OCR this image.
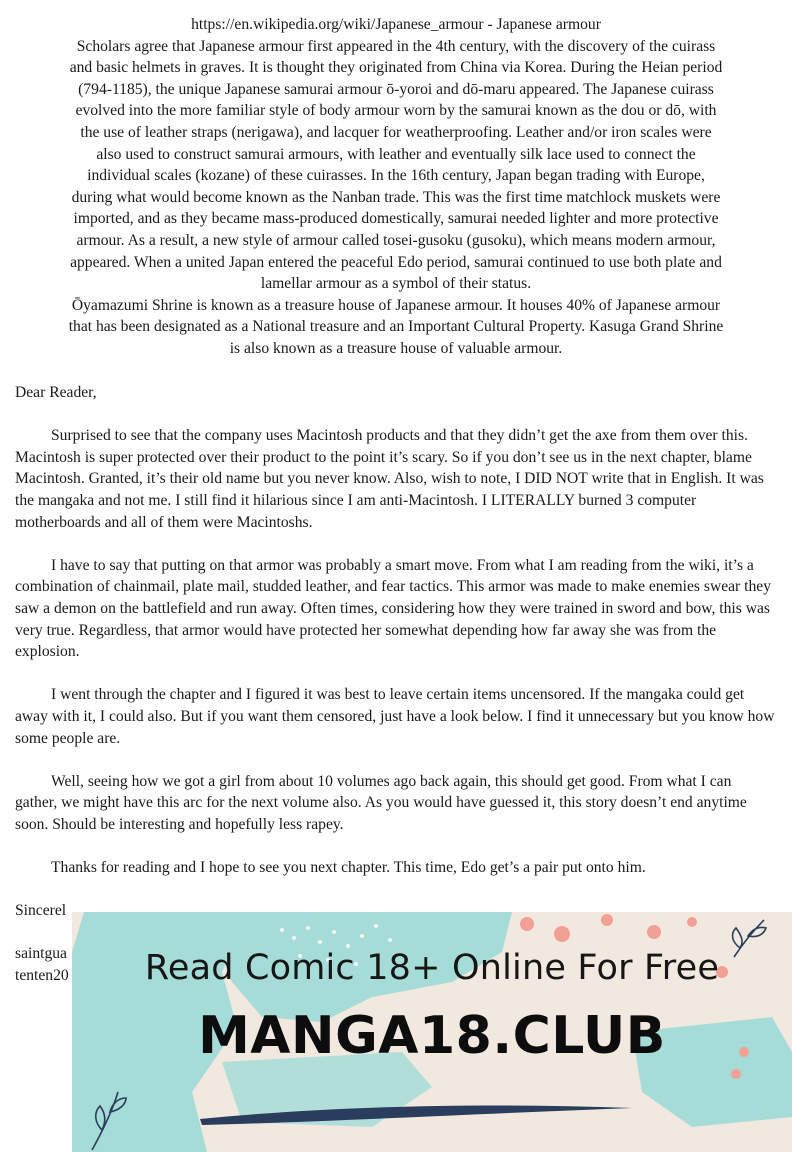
https://en.wikipedia.org/wiki/Japanese_armour - Japanese armour

Scholars agree that Japanese armour first appeared in the 4th century, with the discovery of the cuirass

and basic helmets in graves. It is thought they originated from China via Korea. During the Heian period

(794-1185), the unique Japanese samurai armour ō-yoroi and dō-maru appeared. The Japanese cuirass

evolved into the more familiar style of body armour worn by the samurai known as the dou or dō, with

the use of leather straps (nerigawa), and lacquer for weatherproofing. Leather and/or iron scales were

also used to construct samurai armours, with leather and eventually silk lace used to connect the

individual scales (kozane) of these cuirasses. In the 16th century, Japan began trading with Europe,

during what would become known as the Nanban trade. This was the first time matchlock muskets were

imported, and as they became mass-produced domestically, samurai needed lighter and more protective

armour. As a result, a new style of armour called tosei-gusoku (gusoku), which means modern armour,

appeared. When a united Japan entered the peaceful Edo period, samurai continued to use both plate and

lamellar armour as a symbol of their status.

Ōyamazumi Shrine is known as a treasure house of Japanese armour. It houses 40% of Japanese armour

that has been designated as a National treasure and an Important Cultural Property. Kasuga Grand Shrine

is also known as a treasure house of valuable armour.

Dear Reader,

Surprised to see that the company uses Macintosh products and that they didn’t get the axe from them over this. Macintosh is super protected over their product to the point it’s scary. So if you don’t see us in the next chapter, blame Macintosh. Granted, it’s their old name but you never know. Also, wish to note, I DID NOT write that in English. It was the mangaka and not me. I still find it hilarious since I am anti-Macintosh. I LITERALLY burned 3 computer motherboards and all of them were Macintoshs.

I have to say that putting on that armor was probably a smart move. From what I am reading from the wiki, it’s a combination of chainmail, plate mail, studded leather, and fear tactics. This armor was made to make enemies swear they saw a demon on the battlefield and run away. Often times, considering how they were trained in sword and bow, this was very true. Regardless, that armor would have protected her somewhat depending how far away she was from the explosion.

I went through the chapter and I figured it was best to leave certain items uncensored. If the mangaka could get away with it, I could also. But if you want them censored, just have a look below. I find it unnecessary but you know how some people are.

Well, seeing how we got a girl from about 10 volumes ago back again, this should get good. From what I can gather, we might have this arc for the next volume also. As you would have guessed it, this story doesn’t end anytime soon. Should be interesting and hopefully less rapey.

Thanks for reading and I hope to see you next chapter. This time, Edo get’s a pair put onto him.

Sincerel

saintgua

tenten20	Read Comic 18+ Online For Free
MANGA18.CLUB
